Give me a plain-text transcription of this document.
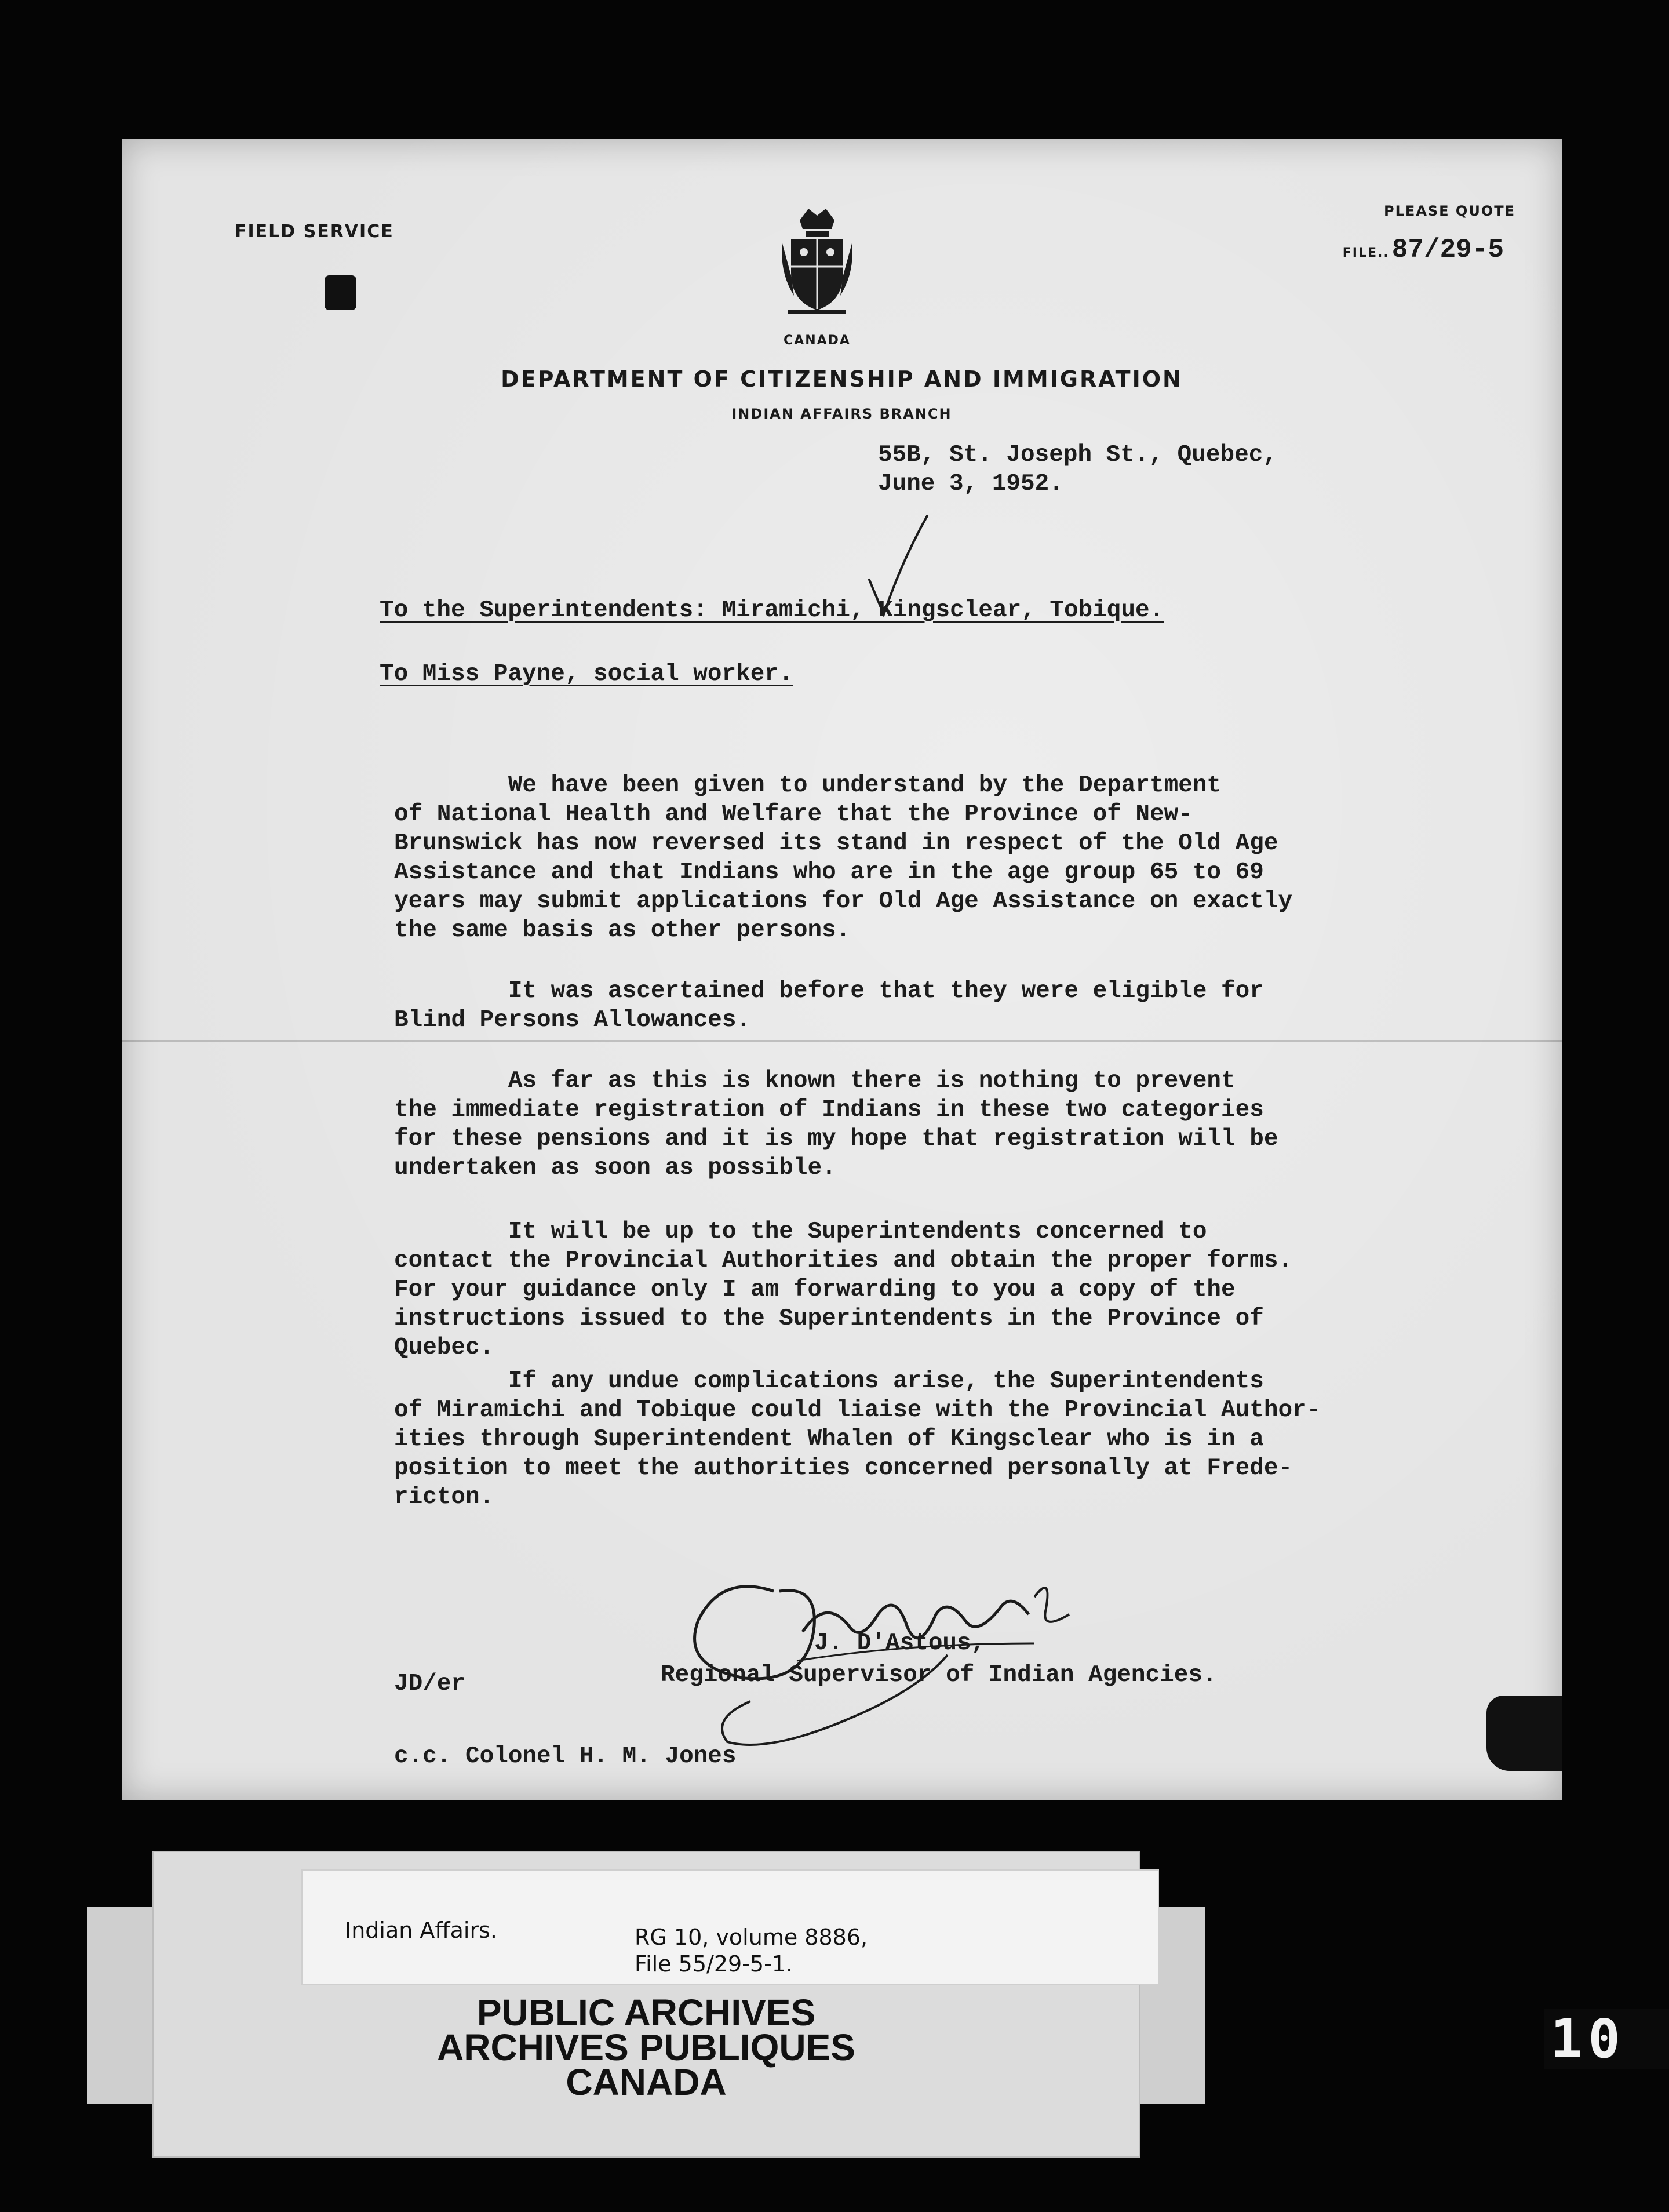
FIELD SERVICE
PLEASE QUOTE
FILE..87/29-5
CANADA
DEPARTMENT OF CITIZENSHIP AND IMMIGRATION
INDIAN AFFAIRS BRANCH
55B, St. Joseph St., Quebec,
June 3, 1952.
To the Superintendents: Miramichi, Kingsclear, Tobique.
To Miss Payne, social worker.
We have been given to understand by the Department
of National Health and Welfare that the Province of New-
Brunswick has now reversed its stand in respect of the Old Age
Assistance and that Indians who are in the age group 65 to 69
years may submit applications for Old Age Assistance on exactly
the same basis as other persons.
It was ascertained before that they were eligible for
Blind Persons Allowances.
As far as this is known there is nothing to prevent
the immediate registration of Indians in these two categories
for these pensions and it is my hope that registration will be
undertaken as soon as possible.
It will be up to the Superintendents concerned to
contact the Provincial Authorities and obtain the proper forms.
For your guidance only I am forwarding to you a copy of the
instructions issued to the Superintendents in the Province of
Quebec.
If any undue complications arise, the Superintendents
of Miramichi and Tobique could liaise with the Provincial Author-
ities through Superintendent Whalen of Kingsclear who is in a
position to meet the authorities concerned personally at Frede-
ricton.
J. D'Astous,
Regional Supervisor of Indian Agencies.
JD/er
c.c. Colonel H. M. Jones
Indian Affairs.	RG 10, volume 8886,
File 55/29-5-1.
PUBLIC ARCHIVES
ARCHIVES PUBLIQUES
CANADA
10
